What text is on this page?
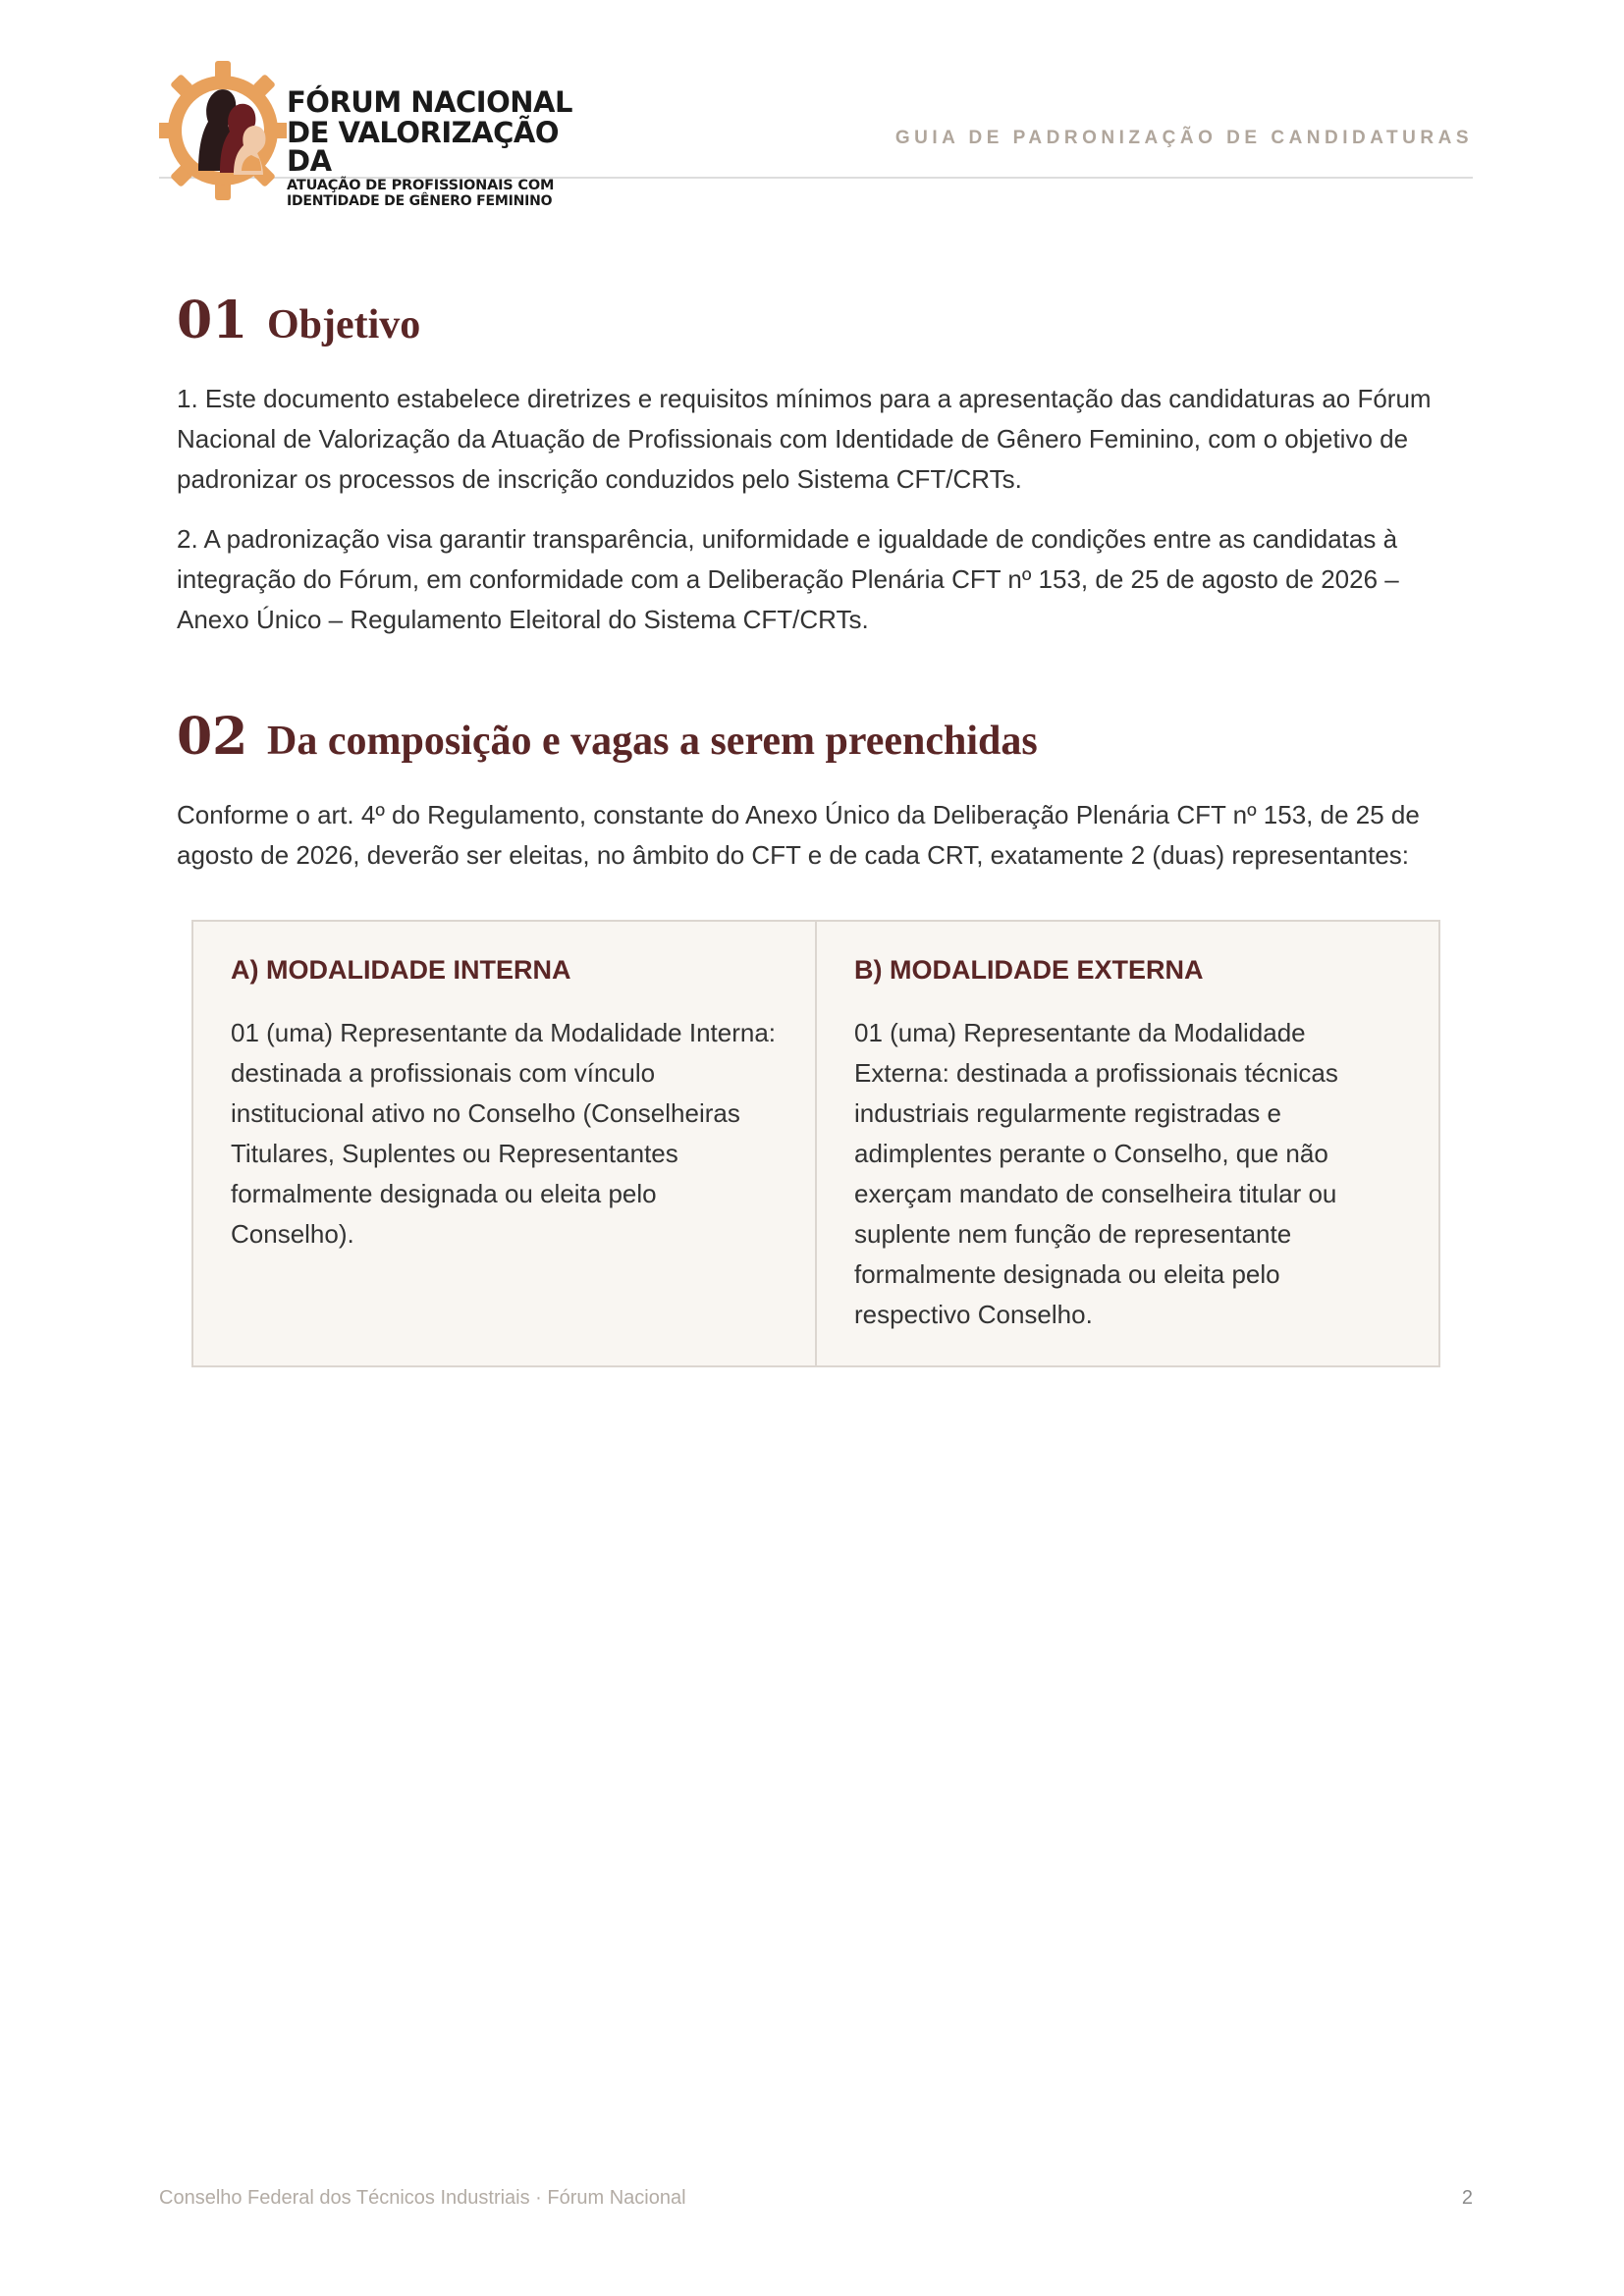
FÓRUM NACIONAL
DE VALORIZAÇÃO DA
ATUAÇÃO DE PROFISSIONAIS COM
IDENTIDADE DE GÊNERO FEMININO
GUIA DE PADRONIZAÇÃO DE CANDIDATURAS
01 Objetivo

1. Este documento estabelece diretrizes e requisitos mínimos para a apresentação das candidaturas ao Fórum Nacional de Valorização da Atuação de Profissionais com Identidade de Gênero Feminino, com o objetivo de padronizar os processos de inscrição conduzidos pelo Sistema CFT/CRTs.

2. A padronização visa garantir transparência, uniformidade e igualdade de condições entre as candidatas à integração do Fórum, em conformidade com a Deliberação Plenária CFT nº 153, de 25 de agosto de 2026 – Anexo Único – Regulamento Eleitoral do Sistema CFT/CRTs.

02 Da composição e vagas a serem preenchidas

Conforme o art. 4º do Regulamento, constante do Anexo Único da Deliberação Plenária CFT nº 153, de 25 de agosto de 2026, deverão ser eleitas, no âmbito do CFT e de cada CRT, exatamente 2 (duas) representantes:

A) MODALIDADE INTERNA
01 (uma) Representante da Modalidade Interna: destinada a profissionais com vínculo institucional ativo no Conselho (Conselheiras Titulares, Suplentes ou Representantes formalmente designada ou eleita pelo Conselho).
B) MODALIDADE EXTERNA
01 (uma) Representante da Modalidade Externa: destinada a profissionais técnicas industriais regularmente registradas e adimplentes perante o Conselho, que não exerçam mandato de conselheira titular ou suplente nem função de representante formalmente designada ou eleita pelo respectivo Conselho.
Conselho Federal dos Técnicos Industriais · Fórum Nacional	2
